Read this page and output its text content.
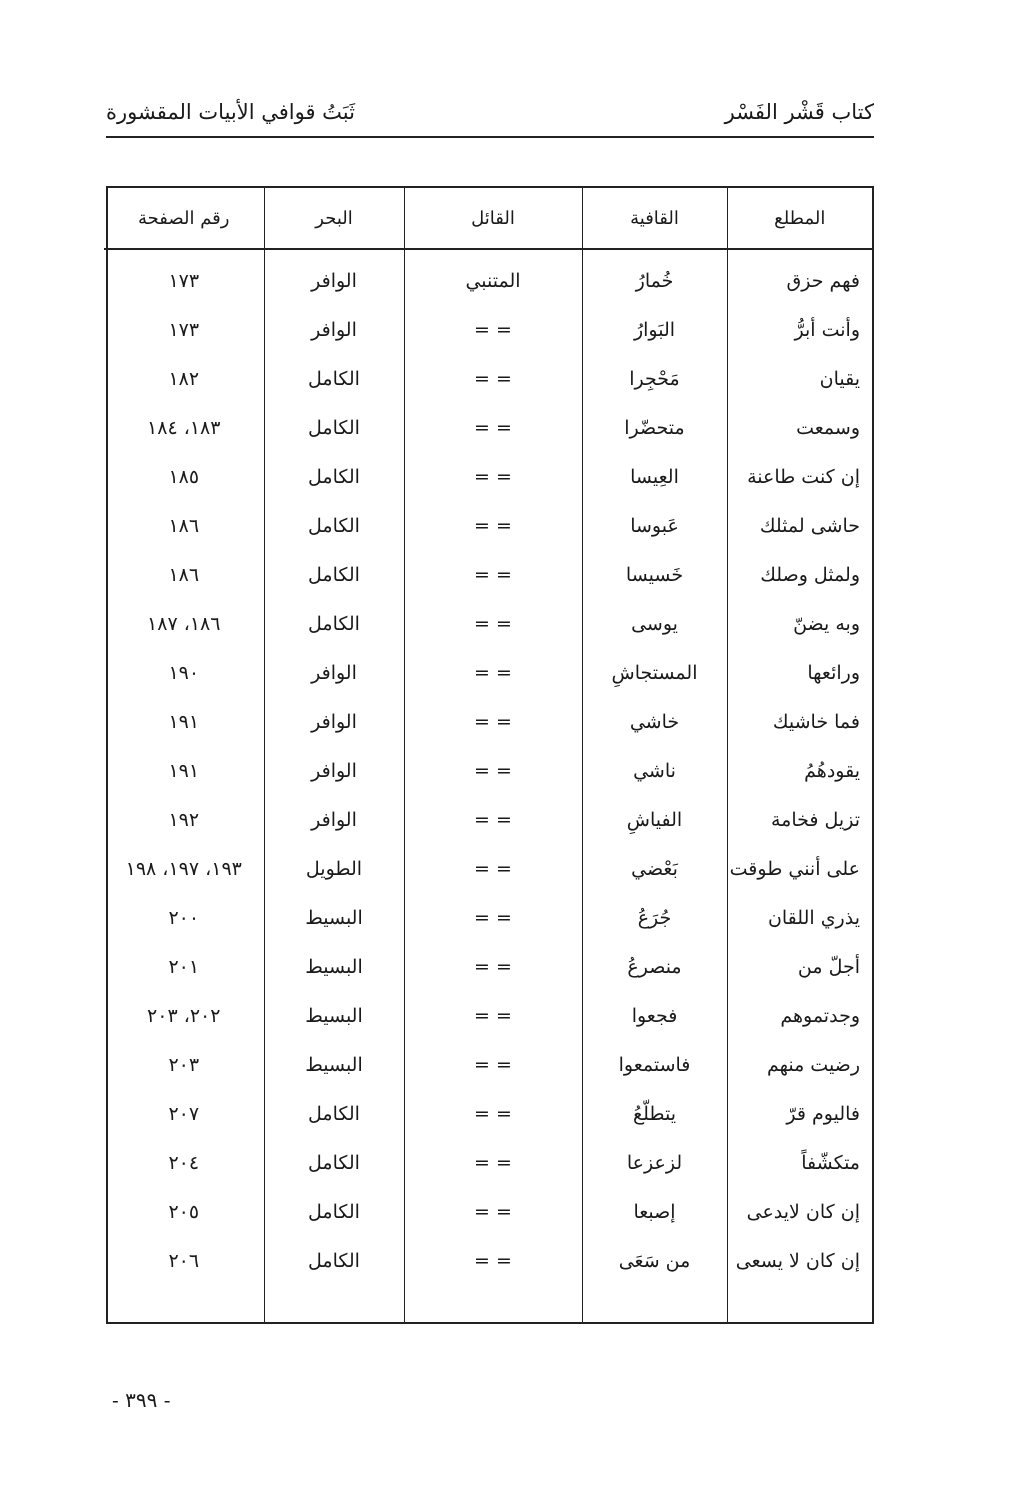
كتاب قَشْر الفَسْر
ثَبَتُ قوافي الأبيات المقشورة
المطلع	القافية	القائل	البحر	رقم الصفحة
فهم حزق	خُمارُ	المتنبي	الوافر	١٧٣
وأنت أبرُّ	البَوارُ	= =	الوافر	١٧٣
يقيان	مَحْجِرا	= =	الكامل	١٨٢
وسمعت	متحضّرا	= =	الكامل	١٨٣، ١٨٤
إن كنت طاعنة	العِيسا	= =	الكامل	١٨٥
حاشى لمثلك	عَبوسا	= =	الكامل	١٨٦
ولمثل وصلك	خَسيسا	= =	الكامل	١٨٦
وبه يضنّ	يوسى	= =	الكامل	١٨٦، ١٨٧
ورائعها	المستجاشِ	= =	الوافر	١٩٠
فما خاشيك	خاشي	= =	الوافر	١٩١
يقودهُمُ	ناشي	= =	الوافر	١٩١
تزيل فخامة	الفياشِ	= =	الوافر	١٩٢
على أنني طوقت	بَعْضي	= =	الطويل	١٩٣، ١٩٧، ١٩٨
يذري اللقان	جُرَعُ	= =	البسيط	٢٠٠
أجلّ من	منصرعُ	= =	البسيط	٢٠١
وجدتموهم	فجعوا	= =	البسيط	٢٠٢، ٢٠٣
رضيت منهم	فاستمعوا	= =	البسيط	٢٠٣
فاليوم قرّ	يتطلّعُ	= =	الكامل	٢٠٧
متكشّفاً	لزعزعا	= =	الكامل	٢٠٤
إن كان لايدعى	إصبعا	= =	الكامل	٢٠٥
إن كان لا يسعى	من سَعَى	= =	الكامل	٢٠٦

- ٣٩٩ -
